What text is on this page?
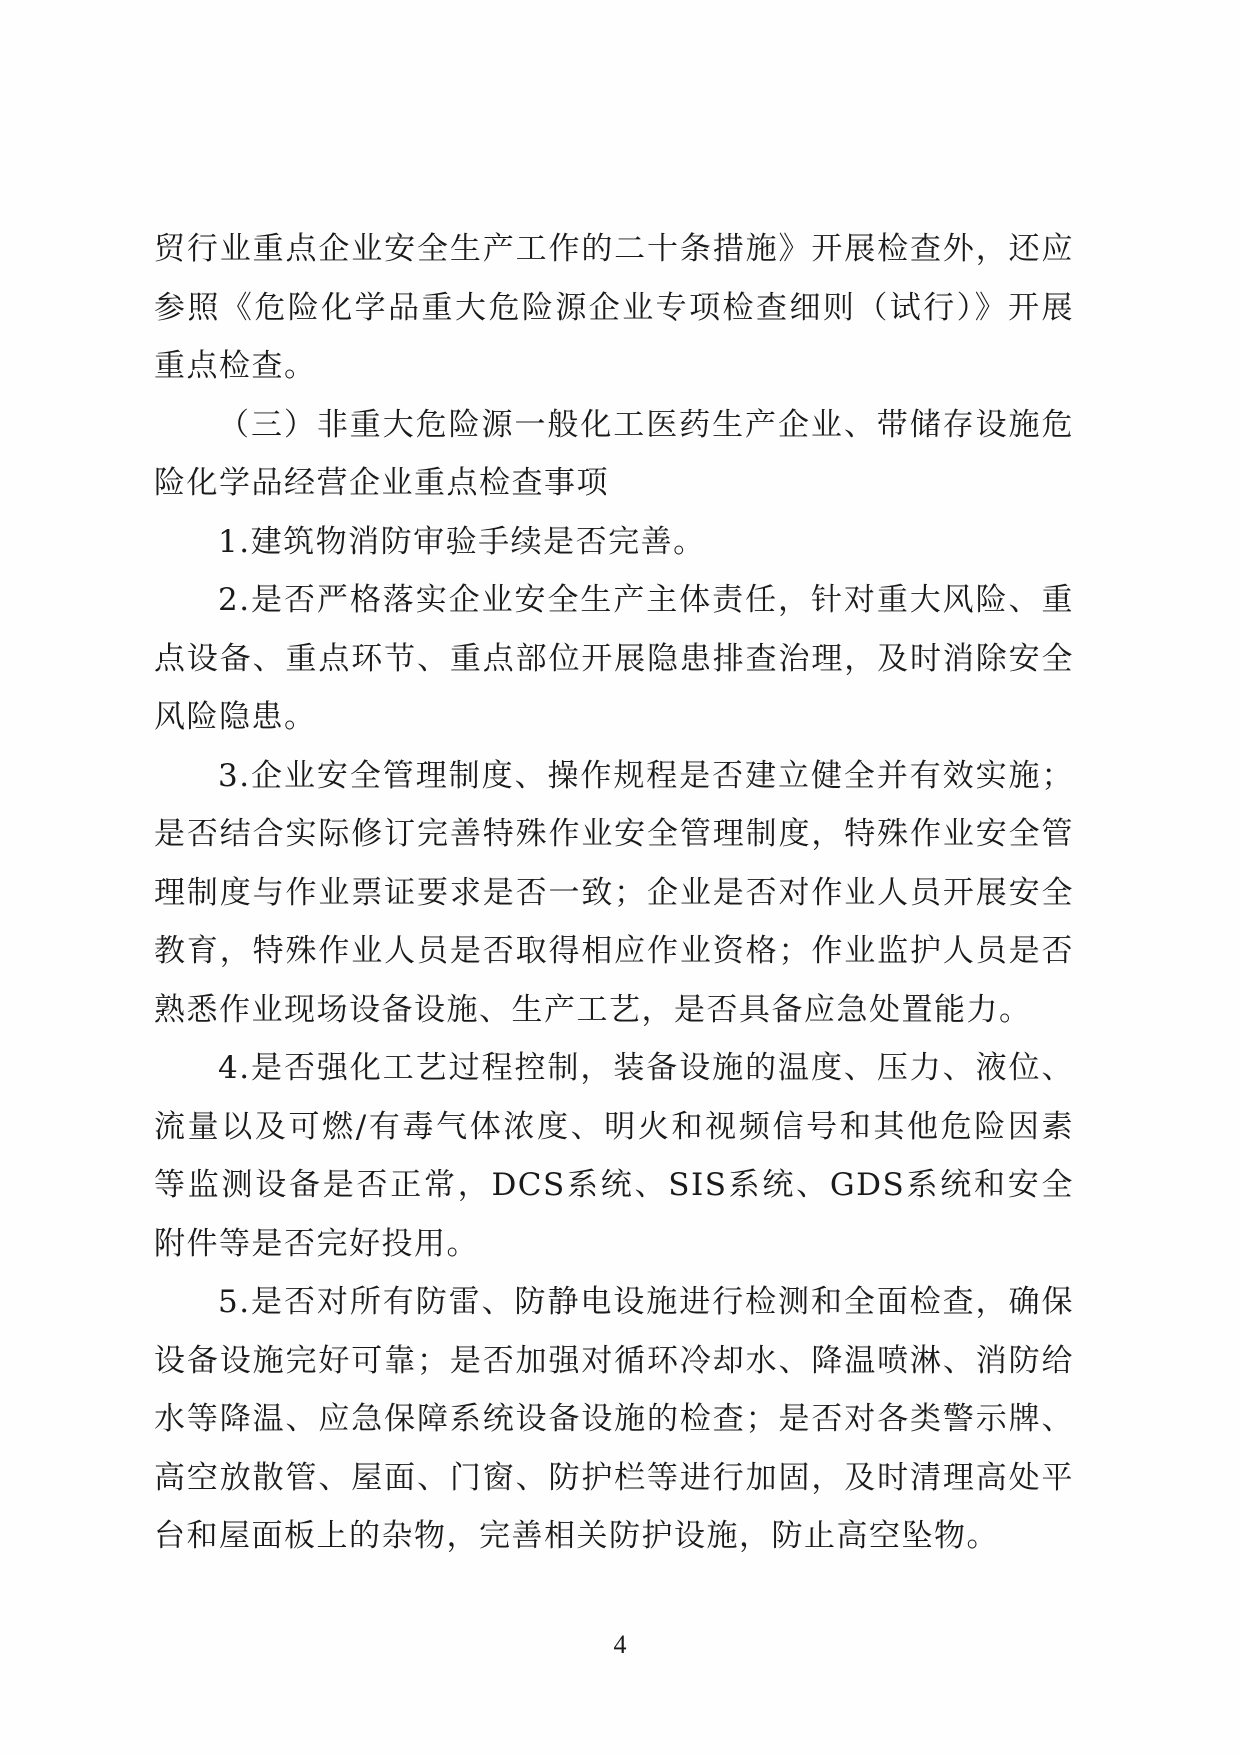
贸行业重点企业安全生产工作的二十条措施》开展检查外，还应参照《危险化学品重大危险源企业专项检查细则（试行）》开展重点检查。

（三）非重大危险源一般化工医药生产企业、带储存设施危险化学品经营企业重点检查事项

1.建筑物消防审验手续是否完善。

2.是否严格落实企业安全生产主体责任，针对重大风险、重点设备、重点环节、重点部位开展隐患排查治理，及时消除安全风险隐患。

3.企业安全管理制度、操作规程是否建立健全并有效实施；是否结合实际修订完善特殊作业安全管理制度，特殊作业安全管理制度与作业票证要求是否一致；企业是否对作业人员开展安全教育，特殊作业人员是否取得相应作业资格；作业监护人员是否熟悉作业现场设备设施、生产工艺，是否具备应急处置能力。

4.是否强化工艺过程控制，装备设施的温度、压力、液位、流量以及可燃/有毒气体浓度、明火和视频信号和其他危险因素等监测设备是否正常，DCS系统、SIS系统、GDS系统和安全附件等是否完好投用。

5.是否对所有防雷、防静电设施进行检测和全面检查，确保设备设施完好可靠；是否加强对循环冷却水、降温喷淋、消防给水等降温、应急保障系统设备设施的检查；是否对各类警示牌、高空放散管、屋面、门窗、防护栏等进行加固，及时清理高处平台和屋面板上的杂物，完善相关防护设施，防止高空坠物。

4
